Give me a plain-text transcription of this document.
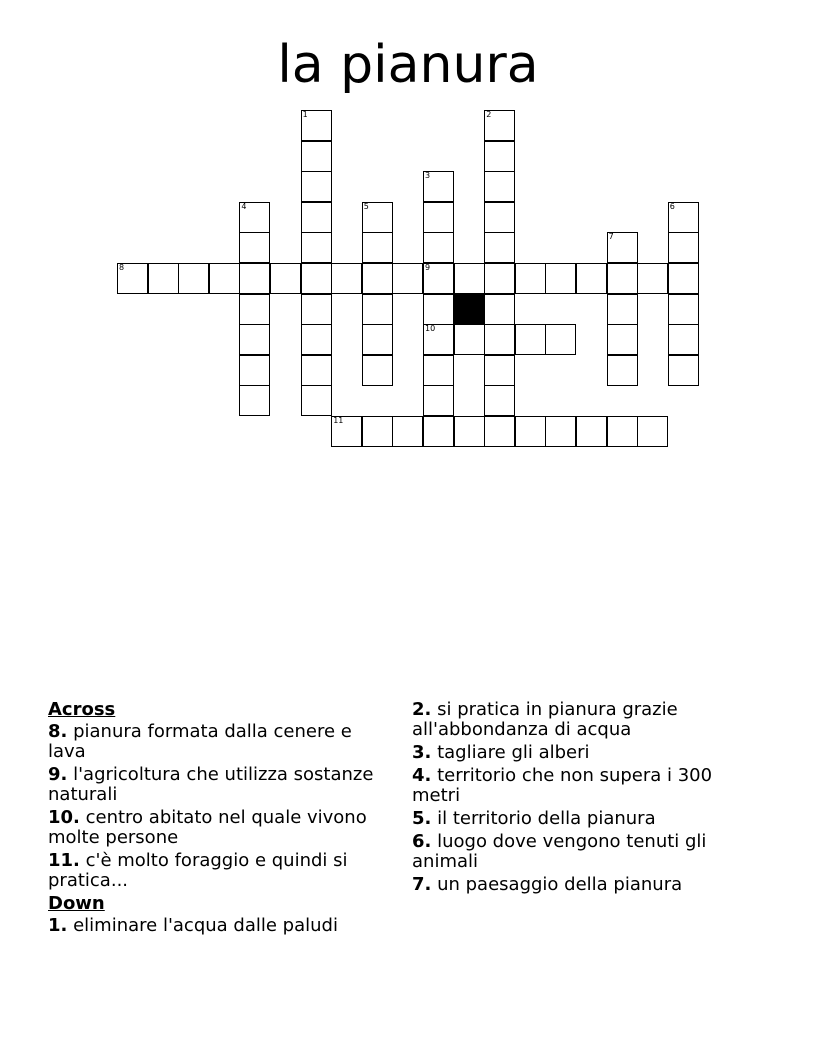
la pianura
8	9
10
11
1	2
3
4	5	6
7
Across
8. pianura formata dalla cenere e lava
9. l'agricoltura che utilizza sostanze naturali
10. centro abitato nel quale vivono molte persone
11. c'è molto foraggio e quindi si pratica...
Down
1. eliminare l'acqua dalle paludi
2. si pratica in pianura grazie all'abbondanza di acqua
3. tagliare gli alberi
4. territorio che non supera i 300 metri
5. il territorio della pianura
6. luogo dove vengono tenuti gli animali
7. un paesaggio della pianura
